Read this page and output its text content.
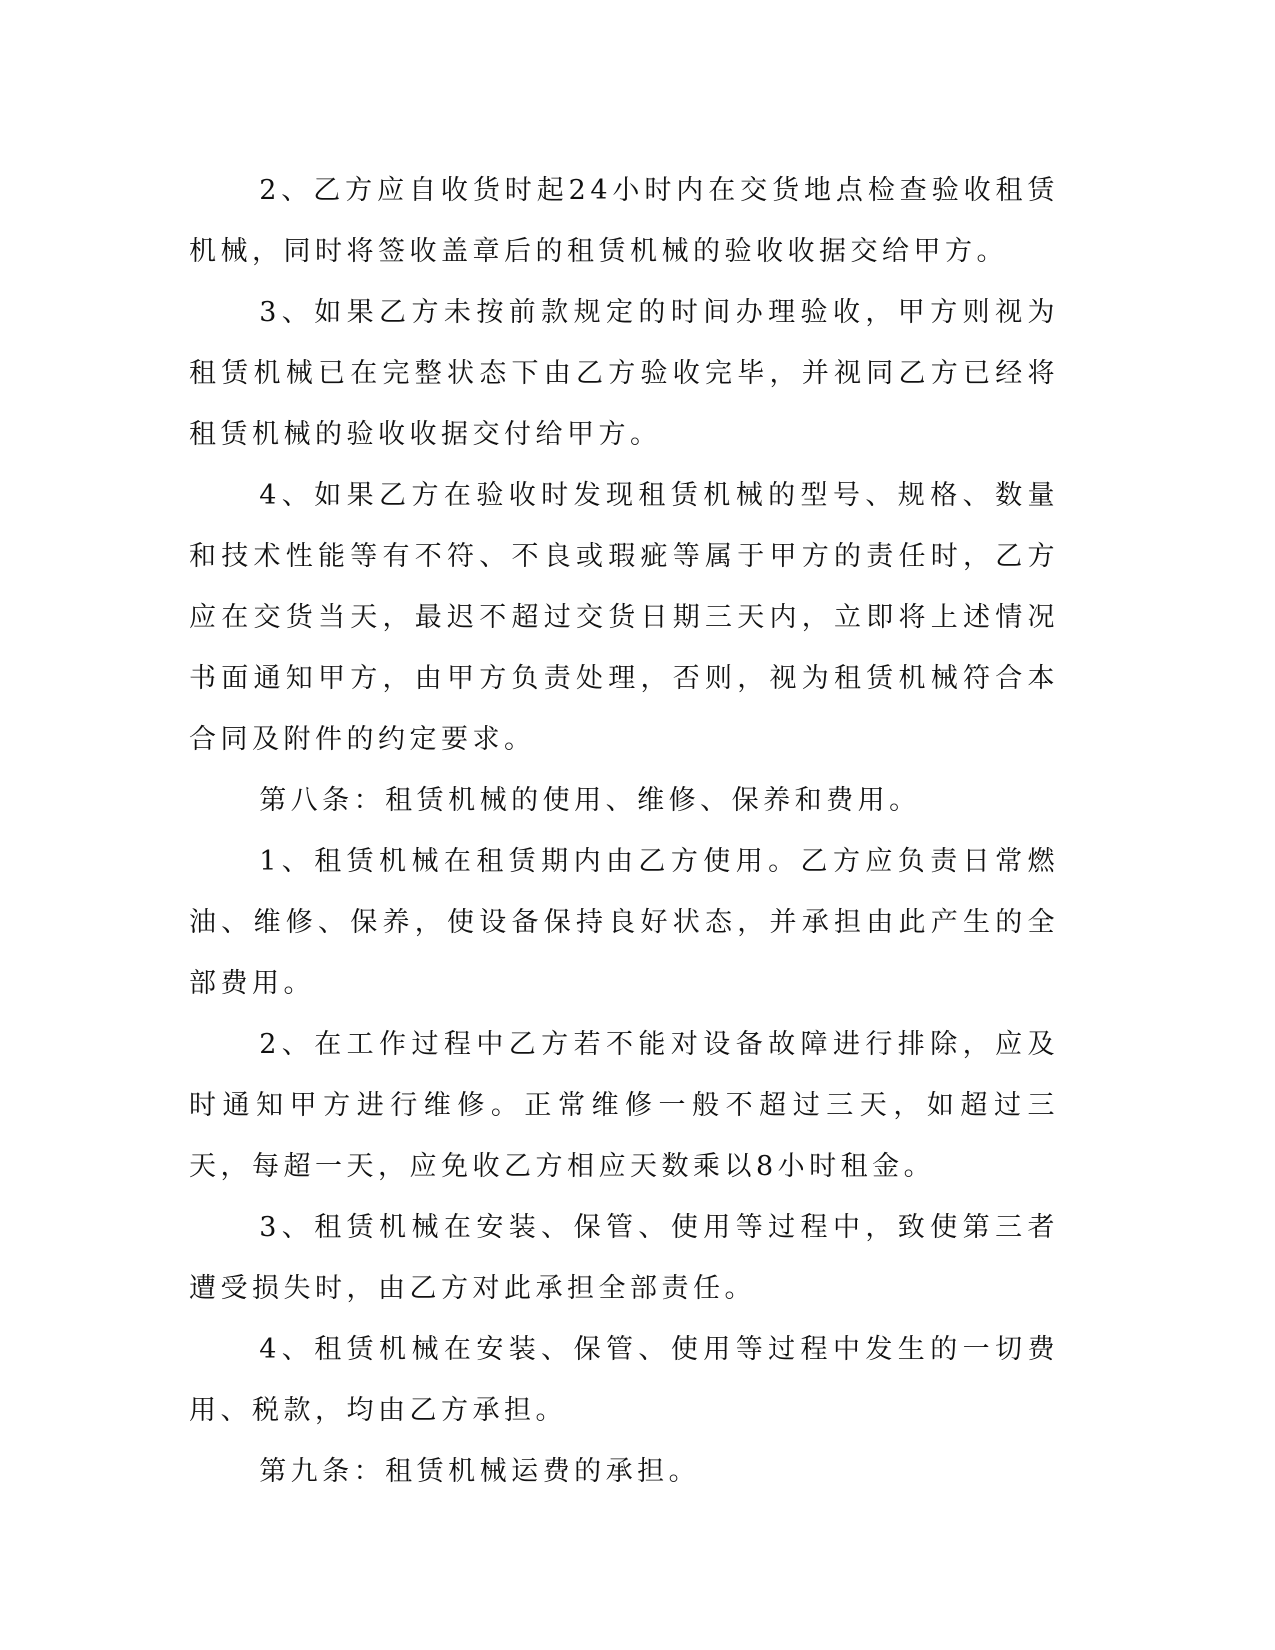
2、乙方应自收货时起24小时内在交货地点检查验收租赁机械，同时将签收盖章后的租赁机械的验收收据交给甲方。

3、如果乙方未按前款规定的时间办理验收，甲方则视为租赁机械已在完整状态下由乙方验收完毕，并视同乙方已经将租赁机械的验收收据交付给甲方。

4、如果乙方在验收时发现租赁机械的型号、规格、数量和技术性能等有不符、不良或瑕疵等属于甲方的责任时，乙方应在交货当天，最迟不超过交货日期三天内，立即将上述情况书面通知甲方，由甲方负责处理，否则，视为租赁机械符合本合同及附件的约定要求。

第八条：租赁机械的使用、维修、保养和费用。

1、租赁机械在租赁期内由乙方使用。乙方应负责日常燃油、维修、保养，使设备保持良好状态，并承担由此产生的全部费用。

2、在工作过程中乙方若不能对设备故障进行排除，应及时通知甲方进行维修。正常维修一般不超过三天，如超过三天，每超一天，应免收乙方相应天数乘以8小时租金。

3、租赁机械在安装、保管、使用等过程中，致使第三者遭受损失时，由乙方对此承担全部责任。

4、租赁机械在安装、保管、使用等过程中发生的一切费用、税款，均由乙方承担。

第九条：租赁机械运费的承担。
